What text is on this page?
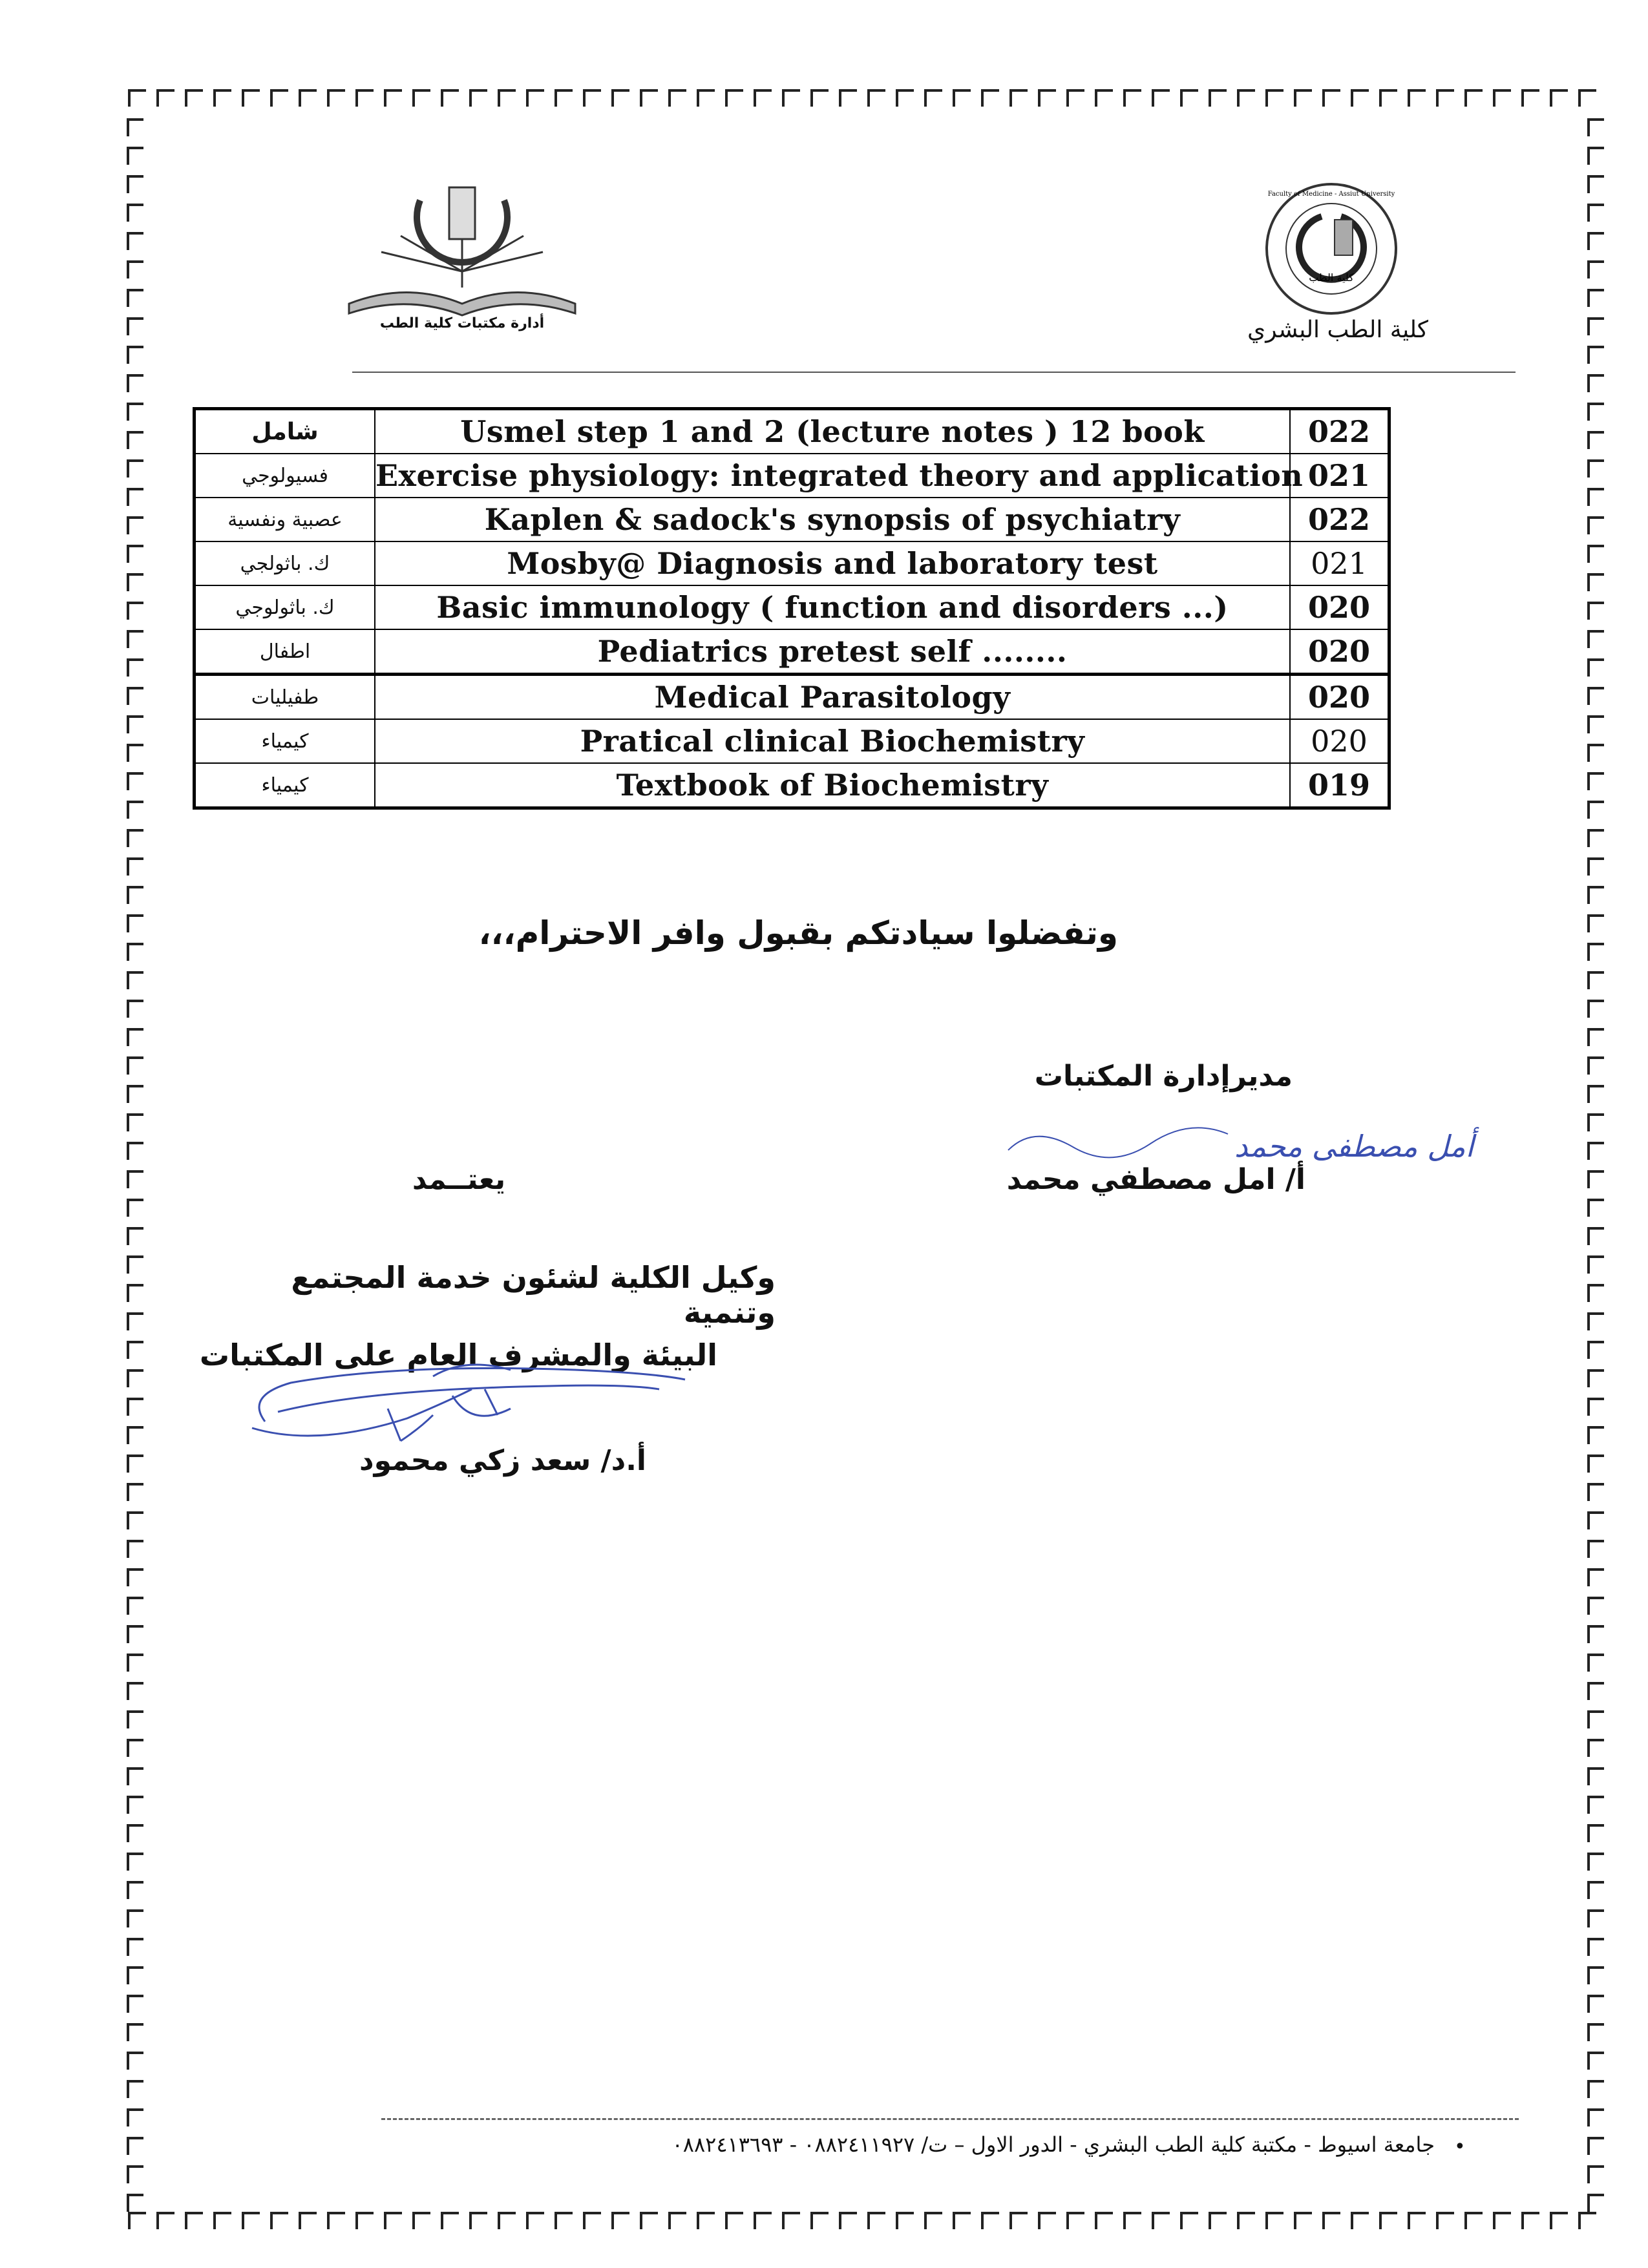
أدارة مكتبات كلية الطب
كلية الطب
Faculty of Medicine - Assiut University
كلية الطب البشري
شامل	Usmel step 1 and 2 (lecture notes ) 12 book	022
فسيولوجي	Exercise physiology: integrated theory and application	021
عصبية ونفسية	Kaplen & sadock's synopsis of psychiatry	022
ك. باثولجي	Mosby@ Diagnosis and laboratory test	021
ك. باثولوجي	Basic immunology ( function and disorders ...)	020
اطفال	Pediatrics pretest self ........	020
طفيليات	Medical Parasitology	020
كيمياء	Pratical clinical Biochemistry	020
كيمياء	Textbook of Biochemistry	019
وتفضلوا سيادتكم بقبول وافر الاحترام،،،
مديرإدارة المكتبات
أمل مصطفى محمد
أ/ امل مصطفي محمد
يعتــمد
وكيل الكلية لشئون خدمة المجتمع وتنمية
البيئة والمشرف العام على المكتبات
أ.د/ سعد زكي محمود
•
جامعة اسيوط - مكتبة كلية الطب البشري - الدور الاول – ت/ ٠٨٨٢٤١١٩٢٧ - ٠٨٨٢٤١٣٦٩٣
